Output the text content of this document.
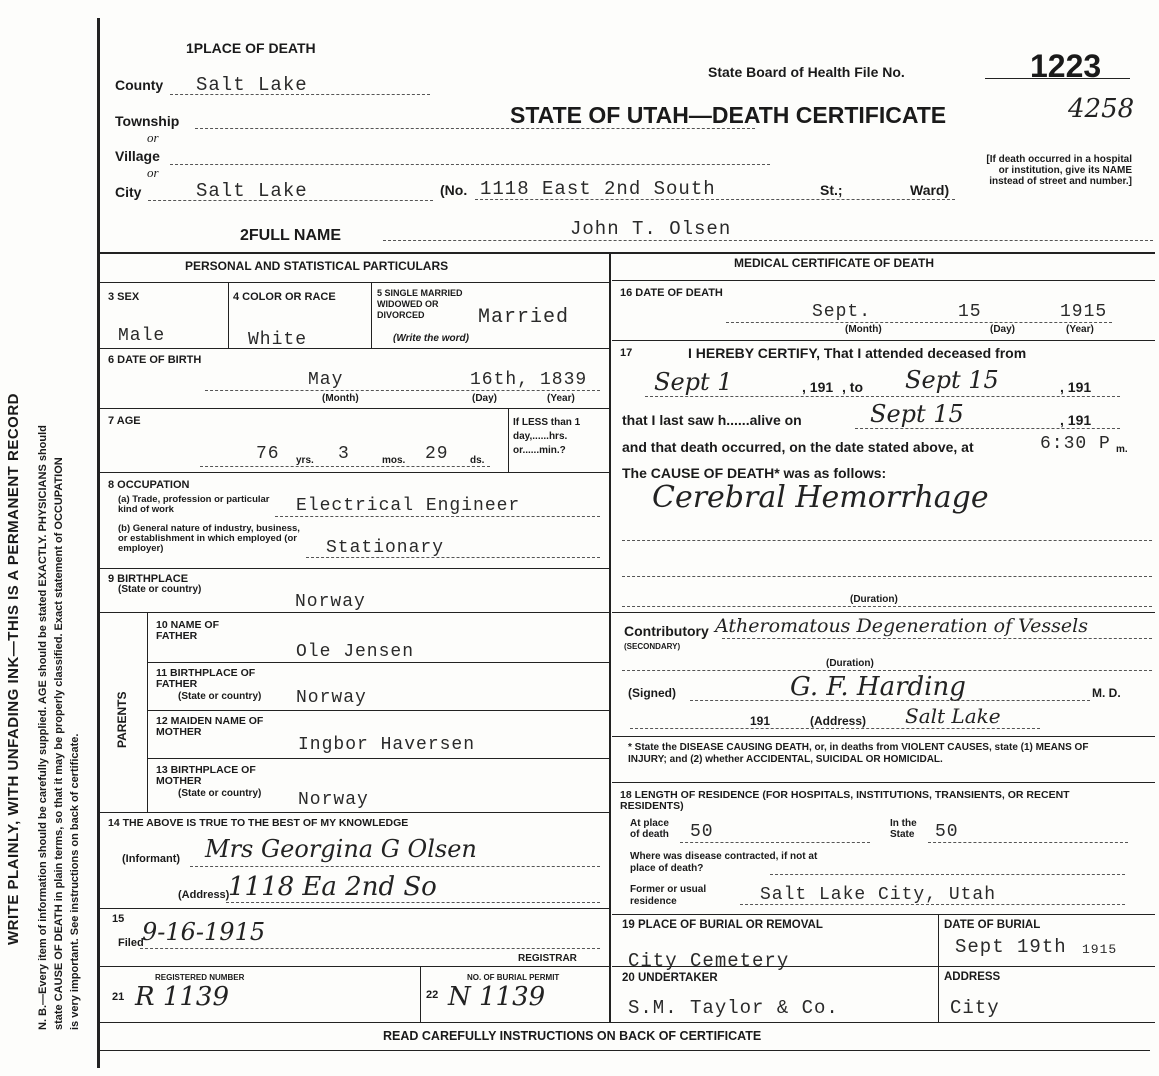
WRITE PLAINLY, WITH UNFADING INK—THIS IS A PERMANENT RECORD N. B.—Every item of information should be carefully supplied. AGE should be stated EXACTLY. PHYSICIANS should state CAUSE OF DEATH in plain terms, so that it may be properly classified. Exact statement of OCCUPATION is very important. See instructions on back of certificate.
1PLACE OF DEATH
County Salt Lake
Township
or
Village
or
City	Salt Lake	(No. 1118 East 2nd South	St.;	Ward)
State Board of Health File No.	1223
STATE OF UTAH—DEATH CERTIFICATE	4258
[If death occurred in a hospital or institution, give its NAME instead of street and number.]
2FULL NAME	John T. Olsen
PERSONAL AND STATISTICAL PARTICULARS
3 SEX
Male
4 COLOR OR RACE
White
5 SINGLE MARRIED WIDOWED OR DIVORCED	Married
(Write the word)
6 DATE OF BIRTH
May	16th, 1839
(Month)	(Day)	(Year)
7 AGE
76 yrs. 3	mos. 29 ds.
If LESS than 1 day,......hrs. or......min.?
8 OCCUPATION
(a) Trade, profession or particular kind of work	Electrical Engineer
(b) General nature of industry, business, or establishment in which employed (or employer)	Stationary
9 BIRTHPLACE
(State or country)
Norway
PARENTS
10 NAME OF FATHER
Ole Jensen
11 BIRTHPLACE OF FATHER
(State or country) Norway
12 MAIDEN NAME OF MOTHER
Ingbor Haversen
13 BIRTHPLACE OF MOTHER
(State or country) Norway
14 THE ABOVE IS TRUE TO THE BEST OF MY KNOWLEDGE
(Informant) Mrs Georgina G Olsen
(Address)
1118 Ea 2nd So
15
Filed
9-16-1915
REGISTRAR
REGISTERED NUMBER
21 R 1139
NO. OF BURIAL PERMIT
22 N 1139
MEDICAL CERTIFICATE OF DEATH
16 DATE OF DEATH
Sept.	15	1915
(Month)	(Day)	(Year)
17	I HEREBY CERTIFY, That I attended deceased from
Sept 1	, 191 , to Sept 15	, 191
that I last saw h......alive on	Sept 15	, 191
and that death occurred, on the date stated above, at	6:30 P m.
The CAUSE OF DEATH* was as follows:
Cerebral Hemorrhage
(Duration)
Contributory
(SECONDARY)
Atheromatous Degeneration of Vessels
(Duration)
(Signed)	G. F. Harding	M. D.
191	(Address) Salt Lake
* State the DISEASE CAUSING DEATH, or, in deaths from VIOLENT CAUSES, state (1) MEANS OF INJURY; and (2) whether ACCIDENTAL, SUICIDAL OR HOMICIDAL.
18 LENGTH OF RESIDENCE (FOR HOSPITALS, INSTITUTIONS, TRANSIENTS, OR RECENT RESIDENTS)
At place of death	50	In the State	50
Where was disease contracted, if not at place of death?
Former or usual residence	Salt Lake City, Utah
19 PLACE OF BURIAL OR REMOVAL
City Cemetery
DATE OF BURIAL
Sept 19th 1915
20 UNDERTAKER
S.M. Taylor & Co.
ADDRESS
City
READ CAREFULLY INSTRUCTIONS ON BACK OF CERTIFICATE
